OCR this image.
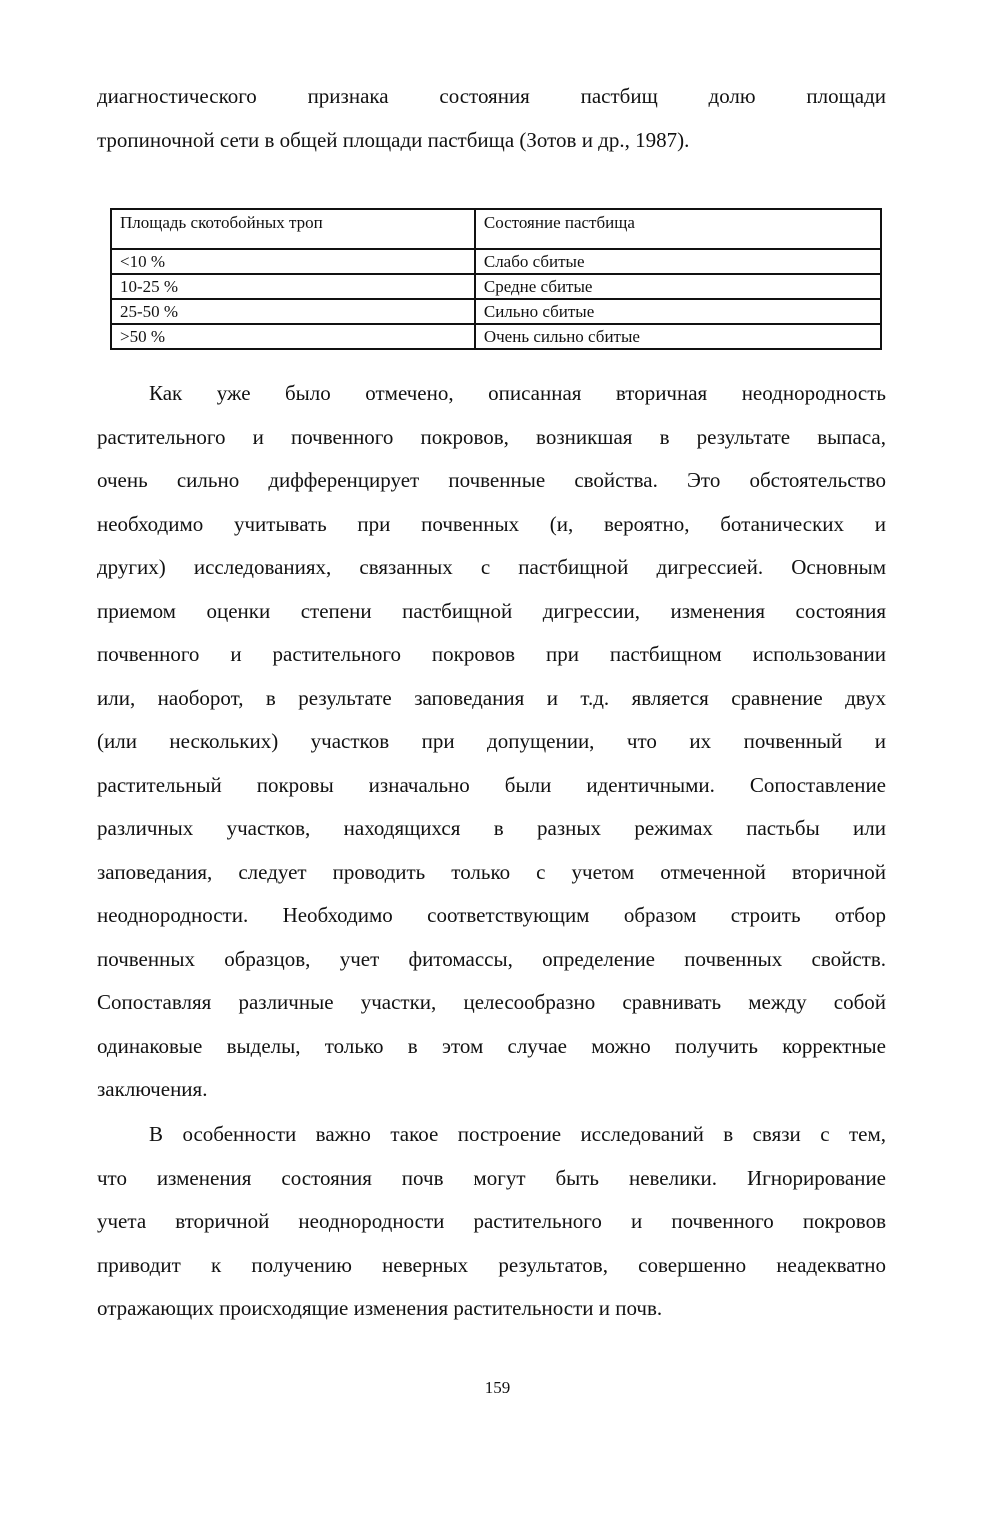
диагностического признака состояния пастбищ долю площади
тропиночной сети в общей площади пастбища (Зотов и др., 1987).
Площадь скотобойных троп	Состояние пастбища
<10 %	Слабо сбитые
10-25 %	Средне сбитые
25-50 %	Сильно сбитые
>50 %	Очень сильно сбитые
Как уже было отмечено, описанная вторичная неоднородность
растительного и почвенного покровов, возникшая в результате выпаса,
очень сильно дифференцирует почвенные свойства. Это обстоятельство
необходимо учитывать при почвенных (и, вероятно, ботанических и
других) исследованиях, связанных с пастбищной дигрессией. Основным
приемом оценки степени пастбищной дигрессии, изменения состояния
почвенного и растительного покровов при пастбищном использовании
или, наоборот, в результате заповедания и т.д. является сравнение двух
(или нескольких) участков при допущении, что их почвенный и
растительный покровы изначально были идентичными. Сопоставление
различных участков, находящихся в разных режимах пастьбы или
заповедания, следует проводить только с учетом отмеченной вторичной
неоднородности. Необходимо соответствующим образом строить отбор
почвенных образцов, учет фитомассы, определение почвенных свойств.
Сопоставляя различные участки, целесообразно сравнивать между собой
одинаковые выделы, только в этом случае можно получить корректные
заключения.
В особенности важно такое построение исследований в связи с тем,
что изменения состояния почв могут быть невелики. Игнорирование
учета вторичной неоднородности растительного и почвенного покровов
приводит к получению неверных результатов, совершенно неадекватно
отражающих происходящие изменения растительности и почв.
159
